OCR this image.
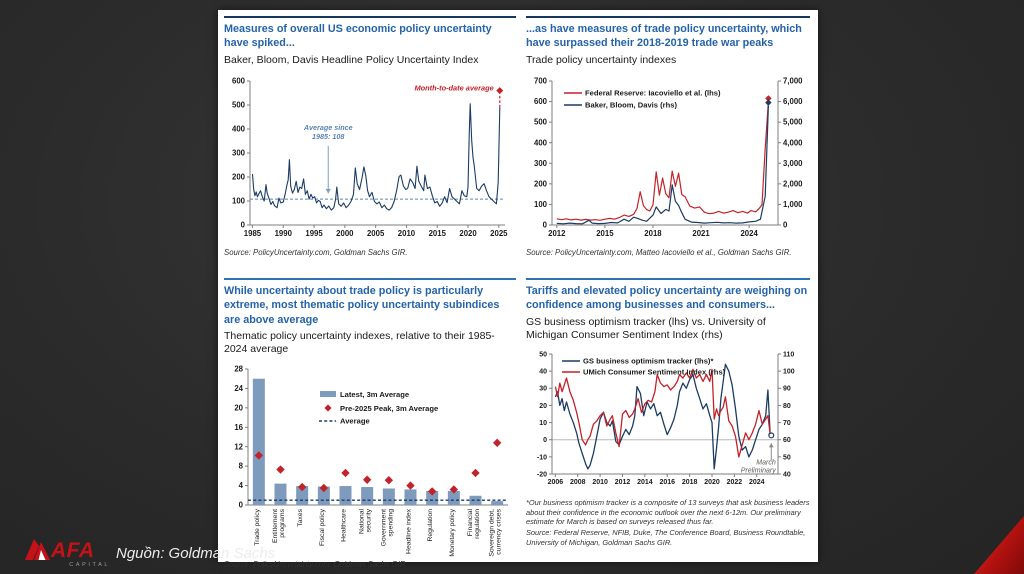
Measures of overall US economic policy uncertainty have spiked...
Baker, Bloom, Davis Headline Policy Uncertainty Index
0
100
200
300
400
500
600
1985 1990 1995 2000 2005 2010 2015 2020 2025
Month-to-date average
Average since
1985: 108
Source: PolicyUncertainty.com, Goldman Sachs GIR.
...as have measures of trade policy uncertainty, which have surpassed their 2018-2019 trade war peaks
Trade policy uncertainty indexes
0
100
200
300
400
500
600
700
0
1,000
2,000
3,000
4,000
5,000
6,000
7,000
2012	2015	2018	2021	2024
Federal Reserve: Iacoviello et al. (lhs)
Baker, Bloom, Davis (rhs)
Source: PolicyUncertainty.com, Matteo Iacoviello et al., Goldman Sachs GIR.
While uncertainty about trade policy is particularly extreme, most thematic policy uncertainty subindices are above average
Thematic policy uncertainty indexes, relative to their 1985-2024 average
0
4
8
12
16
20
24
28
Trade policy Entitlement programs Taxes Fiscal policy Healthcare National security Government spending Headline index Regulation Monetary policy Financial regulation Sovereign debt, currency crises
Latest, 3m Average
Pre-2025 Peak, 3m Average
Average
Source: PolicyUncertainty.com, Goldman Sachs GIR.
Tariffs and elevated policy uncertainty are weighing on confidence among businesses and consumers...
GS business optimism tracker (lhs) vs. University of Michigan Consumer Sentiment Index (rhs)
-20
-10
0
10
20
30
40
50
40
50
60
70
80
90
100
110
2006 2008 2010 2012 2014 2016 2018 2020 2022 2024
March
Preliminary
GS business optimism tracker (lhs)*
UMich Consumer Sentiment Index (rhs)
*Our business optimism tracker is a composite of 13 surveys that ask business leaders about their confidence in the economic outlook over the next 6-12m. Our preliminary estimate for March is based on surveys released thus far.
Source: Federal Reserve, NFIB, Duke, The Conference Board, Business Roundtable, University of Michigan, Goldman Sachs GIR.
AFA
CAPITAL
Nguồn: Goldman Sachs
